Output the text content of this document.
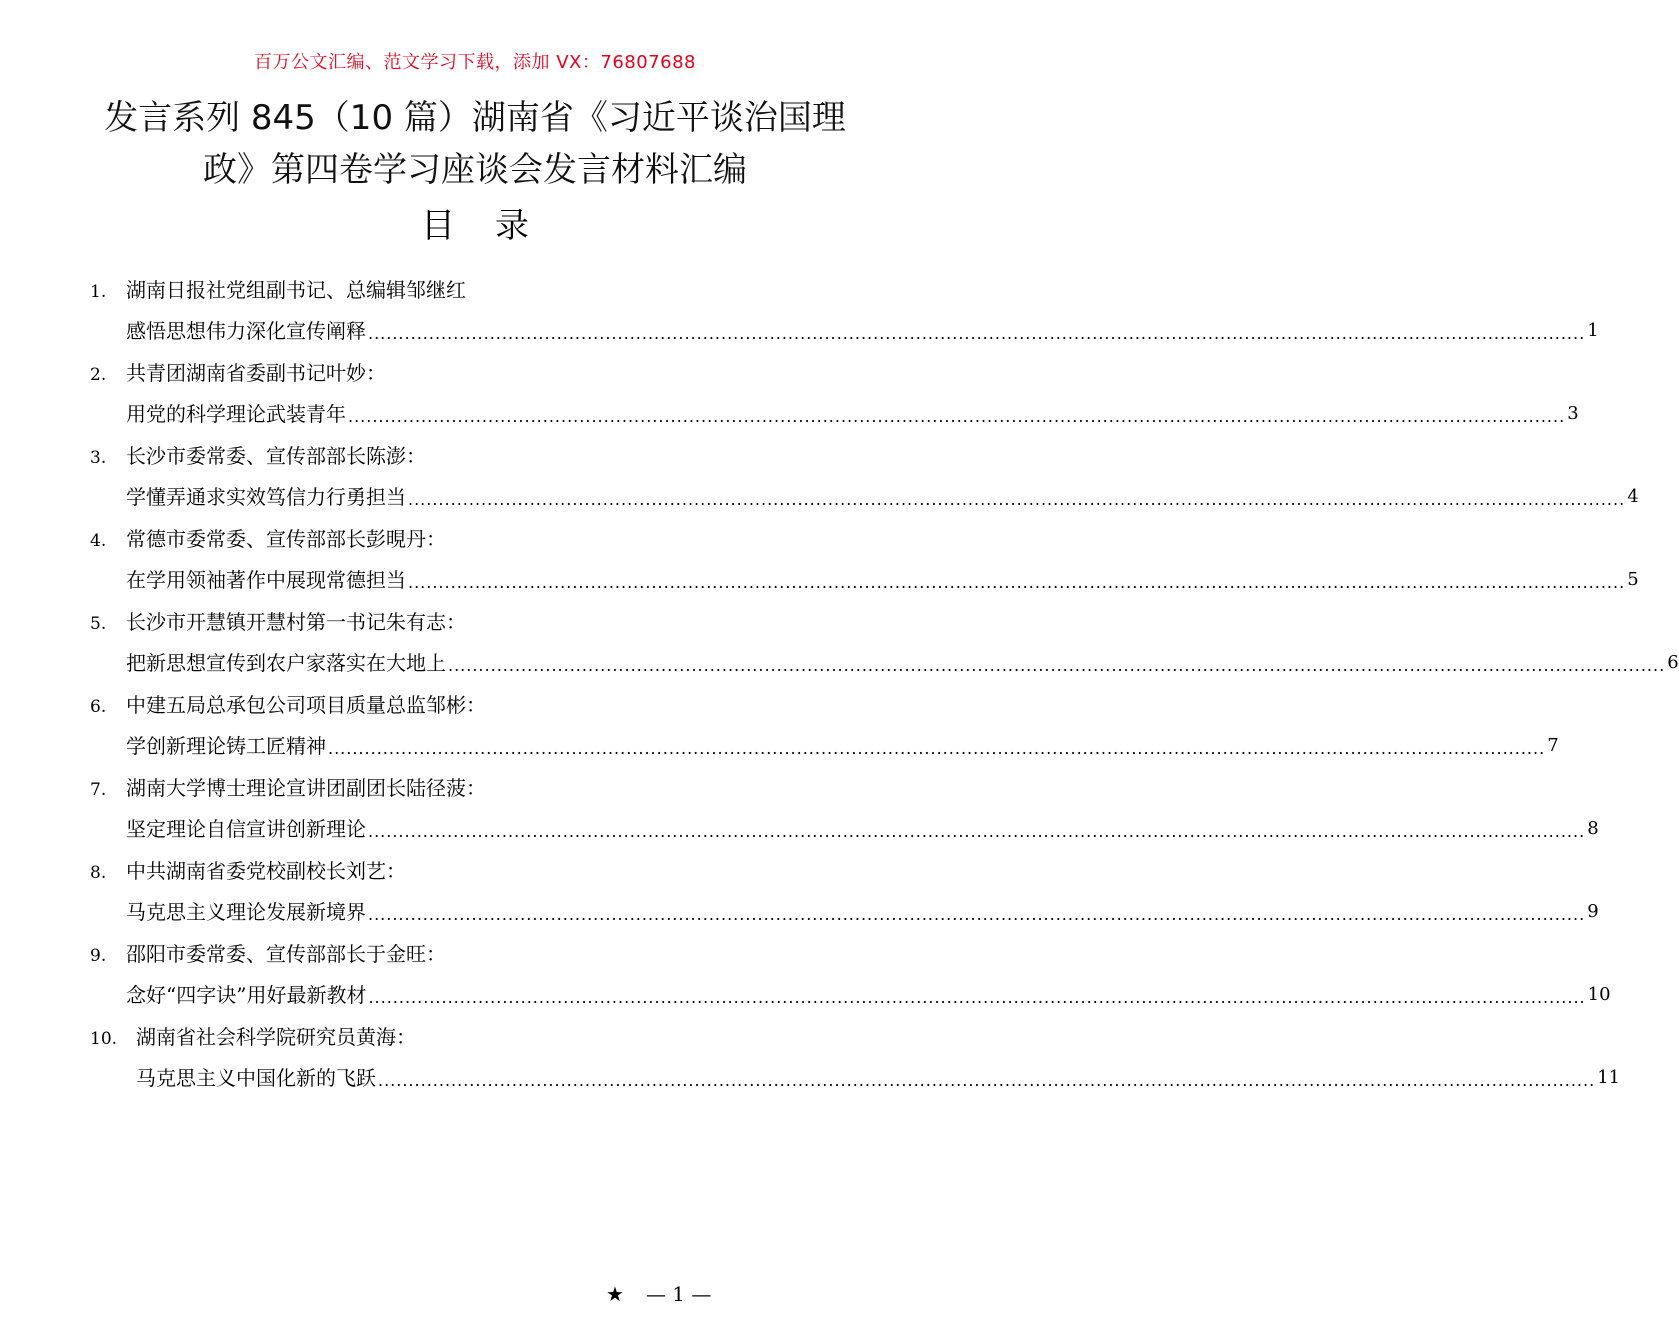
百万公文汇编、范文学习下载，添加 VX：76807688
发言系列 845（10 篇）湖南省《习近平谈治国理政》第四卷学习座谈会发言材料汇编
目录
1. 湖南日报社党组副书记、总编辑邹继红
感悟思想伟力深化宣传阐释 ........................................................................................................................................................................................................ 1
2. 共青团湖南省委副书记叶妙：
用党的科学理论武装青年 ........................................................................................................................................................................................................ 3
3. 长沙市委常委、宣传部部长陈澎：
学懂弄通求实效笃信力行勇担当 ........................................................................................................................................................................................................ 4
4. 常德市委常委、宣传部部长彭晛丹：
在学用领袖著作中展现常德担当 ........................................................................................................................................................................................................ 5
5. 长沙市开慧镇开慧村第一书记朱有志：
把新思想宣传到农户家落实在大地上 ........................................................................................................................................................................................................ 6
6. 中建五局总承包公司项目质量总监邹彬：
学创新理论铸工匠精神 ........................................................................................................................................................................................................ 7
7. 湖南大学博士理论宣讲团副团长陆径菠：
坚定理论自信宣讲创新理论 ........................................................................................................................................................................................................ 8
8. 中共湖南省委党校副校长刘艺：
马克思主义理论发展新境界 ........................................................................................................................................................................................................ 9
9. 邵阳市委常委、宣传部部长于金旺：
念好“四字诀”用好最新教材 ........................................................................................................................................................................................................ 10
10. 湖南省社会科学院研究员黄海：
马克思主义中国化新的飞跃 ........................................................................................................................................................................................................ 11
★ — 1 —
